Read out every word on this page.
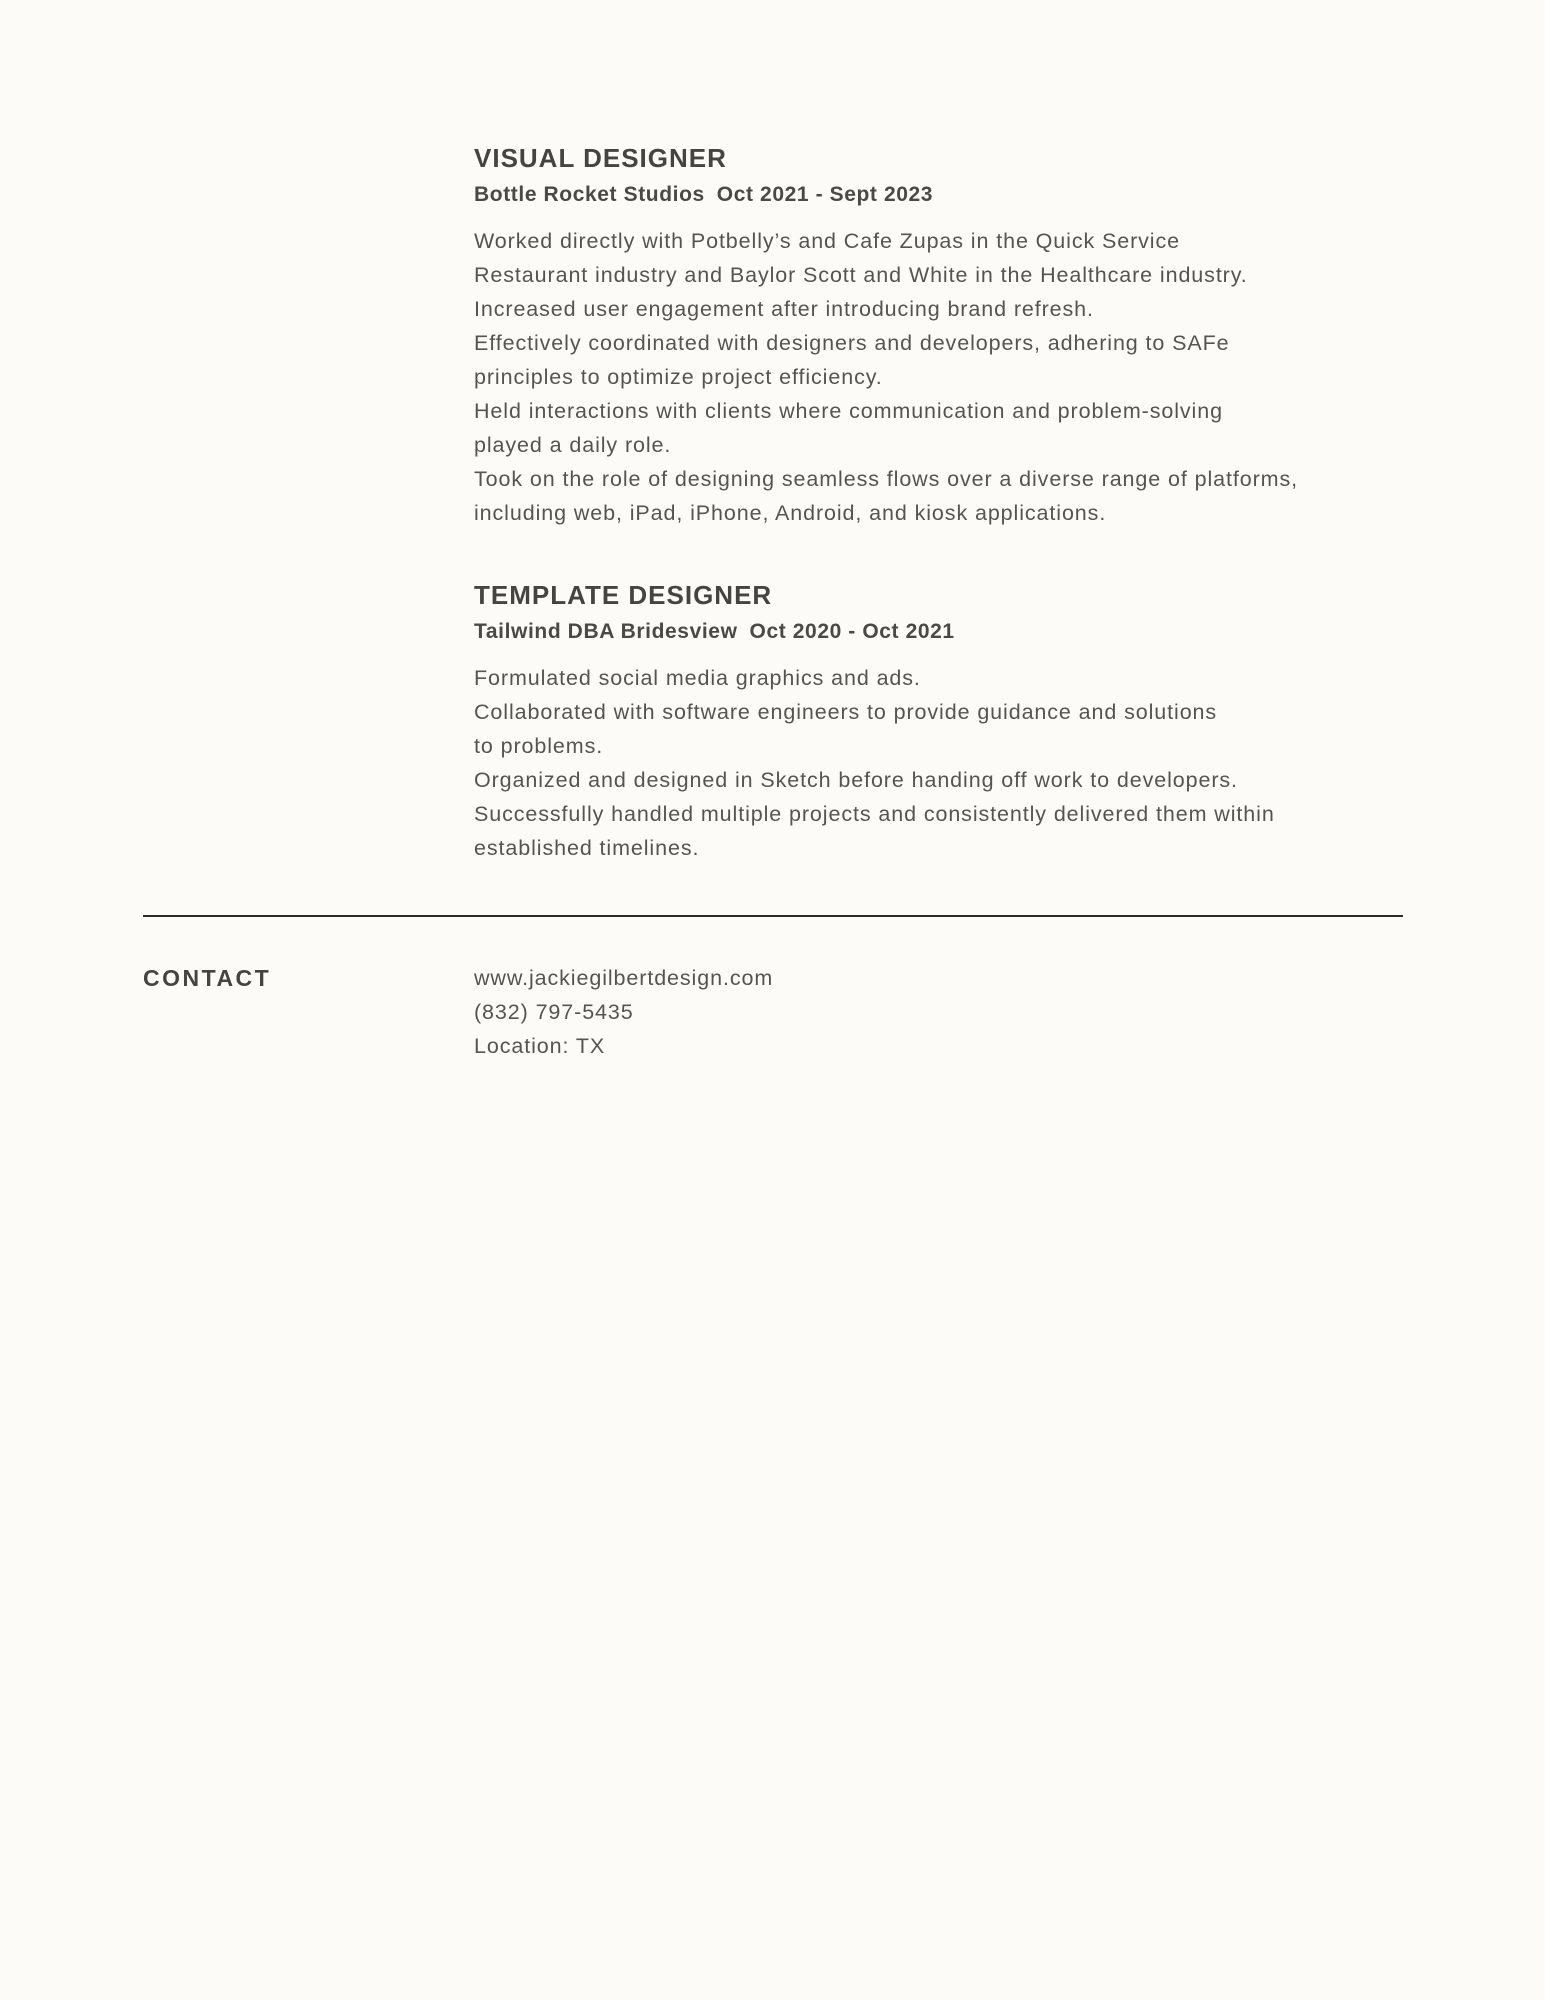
VISUAL DESIGNER

Bottle Rocket Studios Oct 2021 - Sept 2023

Worked directly with Potbelly’s and Cafe Zupas in the Quick Service
Restaurant industry and Baylor Scott and White in the Healthcare industry.
Increased user engagement after introducing brand refresh.
Effectively coordinated with designers and developers, adhering to SAFe
principles to optimize project efficiency.
Held interactions with clients where communication and problem-solving
played a daily role.
Took on the role of designing seamless flows over a diverse range of platforms,
including web, iPad, iPhone, Android, and kiosk applications.
TEMPLATE DESIGNER

Tailwind DBA Bridesview Oct 2020 - Oct 2021

Formulated social media graphics and ads.
Collaborated with software engineers to provide guidance and solutions
to problems.
Organized and designed in Sketch before handing off work to developers.
Successfully handled multiple projects and consistently delivered them within
established timelines.
CONTACT	www.jackiegilbertdesign.com
(832) 797-5435
Location: TX
